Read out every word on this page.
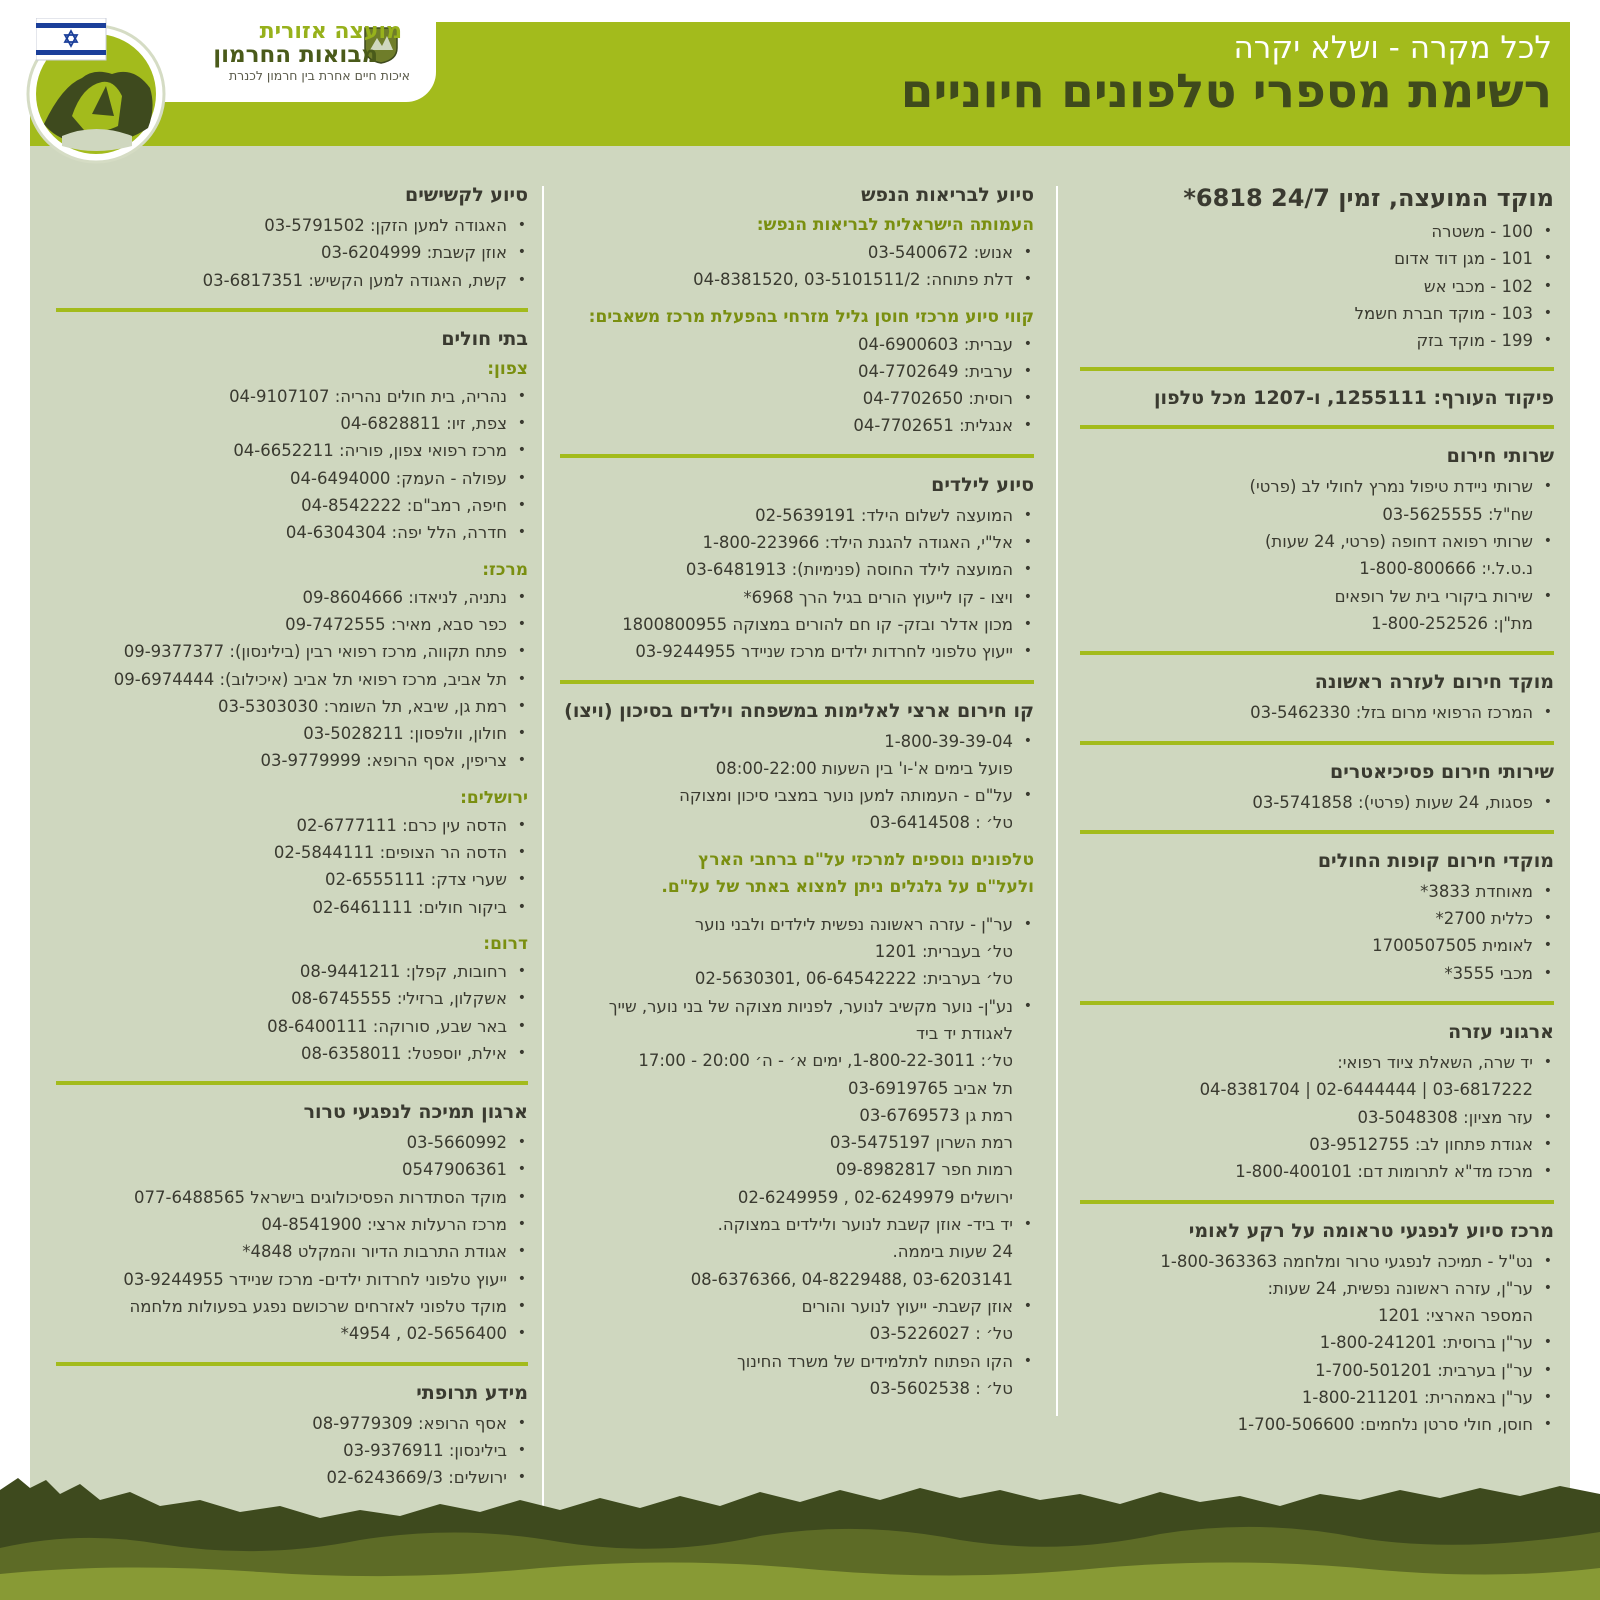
מועצה אזורית
מבואות החרמון
איכות חיים אחרת בין חרמון לכנרת
לכל מקרה - ושלא יקרה
רשימת מספרי טלפונים חיוניים
מוקד המועצה, זמין 24/7 6818*
• 100 - משטרה
• 101 - מגן דוד אדום
• 102 - מכבי אש
• 103 - מוקד חברת חשמל
• 199 - מוקד בזק
פיקוד העורף: 1255111, ו-1207 מכל טלפון
שרותי חירום
• שרותי ניידת טיפול נמרץ לחולי לב (פרטי)
שח"ל: 03-5625555
• שרותי רפואה דחופה (פרטי, 24 שעות)
נ.ט.ל.י: 1-800-800666
• שירות ביקורי בית של רופאים
מת"ן: 1-800-252526
מוקד חירום לעזרה ראשונה
• המרכז הרפואי מרום בזל: 03-5462330
שירותי חירום פסיכיאטרים
• פסגות, 24 שעות (פרטי): 03-5741858
מוקדי חירום קופות החולים
• מאוחדת 3833*
• כללית 2700*
• לאומית 1700507505
• מכבי 3555*
ארגוני עזרה
• יד שרה, השאלת ציוד רפואי:
03-6817222 | 02-6444444 | 04-8381704
• עזר מציון: 03-5048308
• אגודת פתחון לב: 03-9512755
• מרכז מד"א לתרומות דם: 1-800-400101
מרכז סיוע לנפגעי טראומה על רקע לאומי
• נט"ל - תמיכה לנפגעי טרור ומלחמה 1-800-363363
• ער"ן, עזרה ראשונה נפשית, 24 שעות:
המספר הארצי: 1201
• ער"ן ברוסית: 1-800-241201
• ער"ן בערבית: 1-700-501201
• ער"ן באמהרית: 1-800-211201
• חוסן, חולי סרטן נלחמים: 1-700-506600
סיוע לבריאות הנפש
העמותה הישראלית לבריאות הנפש:
• אנוש: 03-5400672
• דלת פתוחה: 03-5101511/2 ,04-8381520
קווי סיוע מרכזי חוסן גליל מזרחי בהפעלת מרכז משאבים:
• עברית: 04-6900603
• ערבית: 04-7702649
• רוסית: 04-7702650
• אנגלית: 04-7702651
סיוע לילדים
• המועצה לשלום הילד: 02-5639191
• אל"י, האגודה להגנת הילד: 1-800-223966
• המועצה לילד החוסה (פנימיות): 03-6481913
• ויצו - קו לייעוץ הורים בגיל הרך 6968*
• מכון אדלר ובזק- קו חם להורים במצוקה 1800800955
• ייעוץ טלפוני לחרדות ילדים מרכז שניידר 03-9244955
קו חירום ארצי לאלימות במשפחה וילדים בסיכון (ויצו)
• 1-800-39-39-04
פועל בימים א'-ו' בין השעות 08:00-22:00
• על"ם - העמותה למען נוער במצבי סיכון ומצוקה
טל׳ : 03-6414508
טלפונים נוספים למרכזי על"ם ברחבי הארץ
ולעל"ם על גלגלים ניתן למצוא באתר של על"ם.
• ער"ן - עזרה ראשונה נפשית לילדים ולבני נוער
טל׳ בעברית: 1201
טל׳ בערבית: 06-64542222 ,02-5630301
• נע"ן- נוער מקשיב לנוער, לפניות מצוקה של בני נוער, שייך
לאגודת יד ביד
טל׳: 1-800-22-3011, ימים א׳ - ה׳ 20:00 - 17:00
תל אביב 03-6919765
רמת גן 03-6769573
רמת השרון 03-5475197
רמות חפר 09-8982817
ירושלים 02-6249979 , 02-6249959
• יד ביד- אוזן קשבת לנוער ולילדים במצוקה.
24 שעות ביממה.
03-6203141 ,04-8229488 ,08-6376366
• אוזן קשבת- ייעוץ לנוער והורים
טל׳ : 03-5226027
• הקו הפתוח לתלמידים של משרד החינוך
טל׳ : 03-5602538
סיוע לקשישים
• האגודה למען הזקן: 03-5791502
• אוזן קשבת: 03-6204999
• קשת, האגודה למען הקשיש: 03-6817351
בתי חולים
צפון:
• נהריה, בית חולים נהריה: 04-9107107
• צפת, זיו: 04-6828811
• מרכז רפואי צפון, פוריה: 04-6652211
• עפולה - העמק: 04-6494000
• חיפה, רמב"ם: 04-8542222
• חדרה, הלל יפה: 04-6304304
מרכז:
• נתניה, לניאדו: 09-8604666
• כפר סבא, מאיר: 09-7472555
• פתח תקווה, מרכז רפואי רבין (בילינסון): 09-9377377
• תל אביב, מרכז רפואי תל אביב (איכילוב): 09-6974444
• רמת גן, שיבא, תל השומר: 03-5303030
• חולון, וולפסון: 03-5028211
• צריפין, אסף הרופא: 03-9779999
ירושלים:
• הדסה עין כרם: 02-6777111
• הדסה הר הצופים: 02-5844111
• שערי צדק: 02-6555111
• ביקור חולים: 02-6461111
דרום:
• רחובות, קפלן: 08-9441211
• אשקלון, ברזילי: 08-6745555
• באר שבע, סורוקה: 08-6400111
• אילת, יוספטל: 08-6358011
ארגון תמיכה לנפגעי טרור
• 03-5660992
• 0547906361
• מוקד הסתדרות הפסיכולוגים בישראל 077-6488565
• מרכז הרעלות ארצי: 04-8541900
• אגודת התרבות הדיור והמקלט 4848*
• ייעוץ טלפוני לחרדות ילדים- מרכז שניידר 03-9244955
• מוקד טלפוני לאזרחים שרכושם נפגע בפעולות מלחמה
• 02-5656400 , 4954*
מידע תרופתי
• אסף הרופא: 08-9779309
• בילינסון: 03-9376911
• ירושלים: 02-6243669/3
